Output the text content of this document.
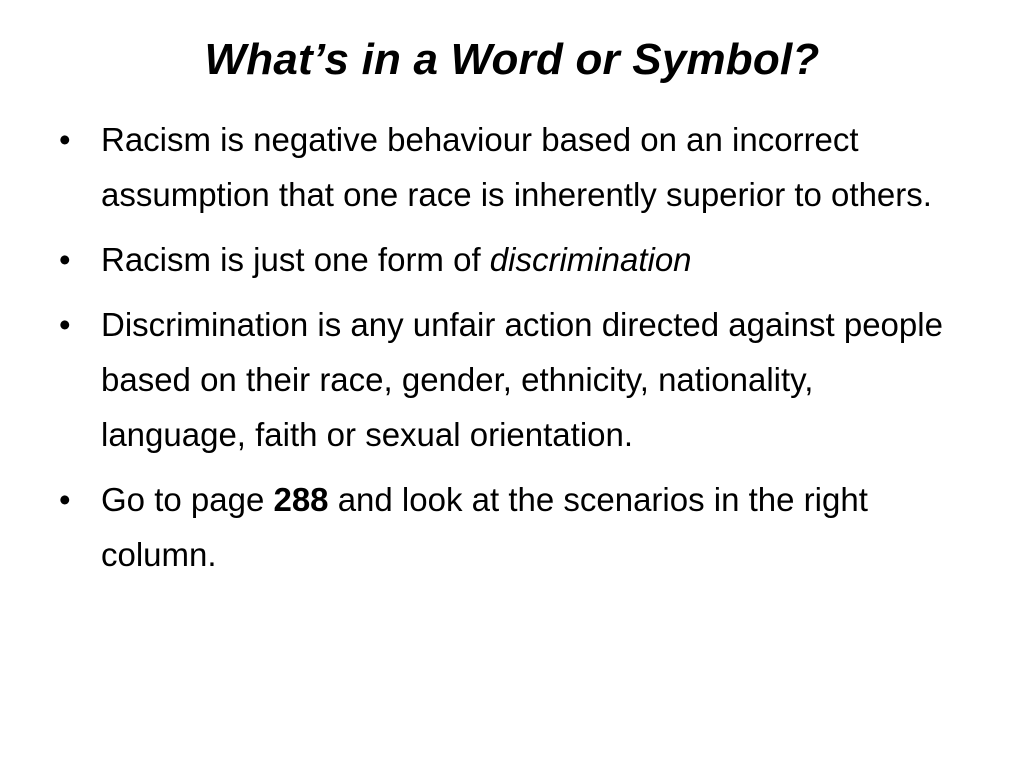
What’s in a Word or Symbol?
• Racism is negative behaviour based on an incorrect assumption that one race is inherently superior to others.
• Racism is just one form of discrimination
• Discrimination is any unfair action directed against people based on their race, gender, ethnicity, nationality, language, faith or sexual orientation.
• Go to page 288 and look at the scenarios in the right column.
